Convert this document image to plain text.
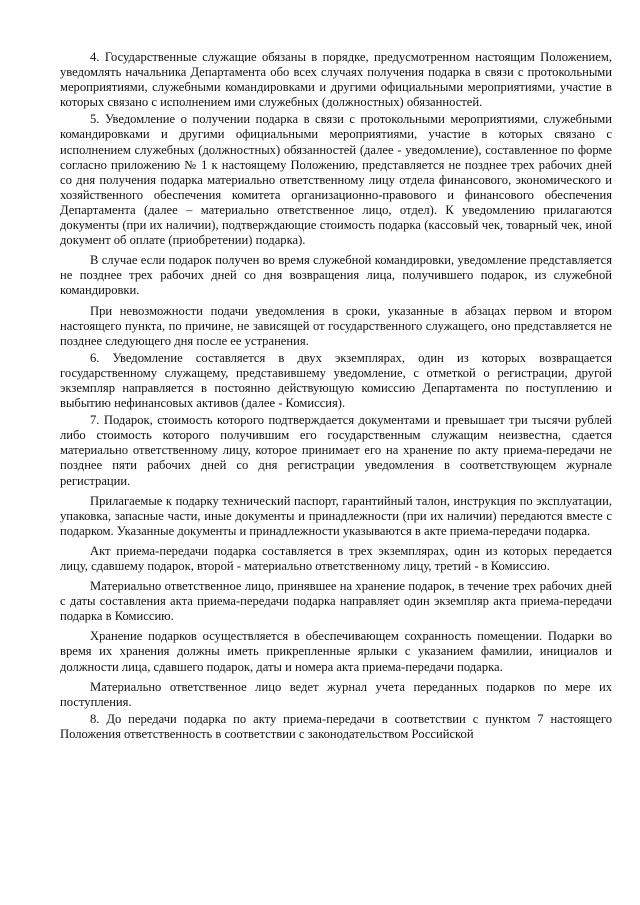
4. Государственные служащие обязаны в порядке, предусмотренном настоящим Положением, уведомлять начальника Департамента обо всех случаях получения подарка в связи с протокольными мероприятиями, служебными командировками и другими официальными мероприятиями, участие в которых связано с исполнением ими служебных (должностных) обязанностей.

5. Уведомление о получении подарка в связи с протокольными мероприятиями, служебными командировками и другими официальными мероприятиями, участие в которых связано с исполнением служебных (должностных) обязанностей (далее - уведомление), составленное по форме согласно приложению № 1 к настоящему Положению, представляется не позднее трех рабочих дней со дня получения подарка материально ответственному лицу отдела финансового, экономического и хозяйственного обеспечения комитета организационно-правового и финансового обеспечения Департамента (далее – материально ответственное лицо, отдел). К уведомлению прилагаются документы (при их наличии), подтверждающие стоимость подарка (кассовый чек, товарный чек, иной документ об оплате (приобретении) подарка).

В случае если подарок получен во время служебной командировки, уведомление представляется не позднее трех рабочих дней со дня возвращения лица, получившего подарок, из служебной командировки.

При невозможности подачи уведомления в сроки, указанные в абзацах первом и втором настоящего пункта, по причине, не зависящей от государственного служащего, оно представляется не позднее следующего дня после ее устранения.

6. Уведомление составляется в двух экземплярах, один из которых возвращается государственному служащему, представившему уведомление, с отметкой о регистрации, другой экземпляр направляется в постоянно действующую комиссию Департамента по поступлению и выбытию нефинансовых активов (далее - Комиссия).

7. Подарок, стоимость которого подтверждается документами и превышает три тысячи рублей либо стоимость которого получившим его государственным служащим неизвестна, сдается материально ответственному лицу, которое принимает его на хранение по акту приема-передачи не позднее пяти рабочих дней со дня регистрации уведомления в соответствующем журнале регистрации.

Прилагаемые к подарку технический паспорт, гарантийный талон, инструкция по эксплуатации, упаковка, запасные части, иные документы и принадлежности (при их наличии) передаются вместе с подарком. Указанные документы и принадлежности указываются в акте приема-передачи подарка.

Акт приема-передачи подарка составляется в трех экземплярах, один из которых передается лицу, сдавшему подарок, второй - материально ответственному лицу, третий - в Комиссию.

Материально ответственное лицо, принявшее на хранение подарок, в течение трех рабочих дней с даты составления акта приема-передачи подарка направляет один экземпляр акта приема-передачи подарка в Комиссию.

Хранение подарков осуществляется в обеспечивающем сохранность помещении. Подарки во время их хранения должны иметь прикрепленные ярлыки с указанием фамилии, инициалов и должности лица, сдавшего подарок, даты и номера акта приема-передачи подарка.

Материально ответственное лицо ведет журнал учета переданных подарков по мере их поступления.

8. До передачи подарка по акту приема-передачи в соответствии с пунктом 7 настоящего Положения ответственность в соответствии с законодательством Российской
